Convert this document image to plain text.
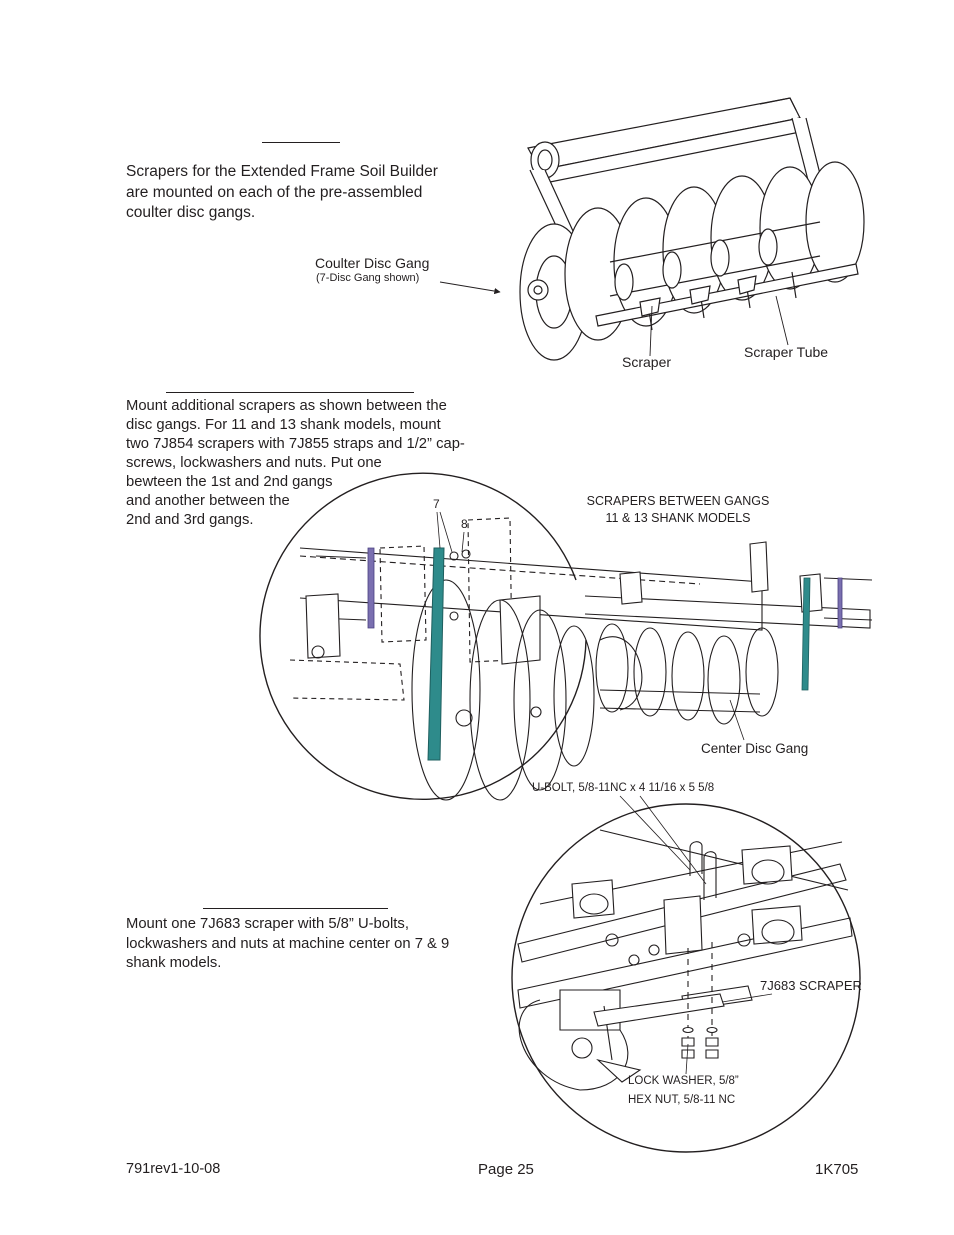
Scrapers for the Extended Frame Soil Builder
are mounted on each of the pre-assembled
coulter disc gangs.
Mount additional scrapers as shown between the
disc gangs. For 11 and 13 shank models, mount
two 7J854 scrapers with 7J855 straps and 1/2” cap-
screws, lockwashers and nuts. Put one
bewteen the 1st and 2nd gangs
and another between the
2nd and 3rd gangs.
Mount one 7J683 scraper with 5/8” U-bolts,
lockwashers and nuts at machine center on 7 & 9
shank models.
Coulter Disc Gang
(7-Disc Gang shown)
Scraper
Scraper Tube
SCRAPERS BETWEEN GANGS
11 & 13 SHANK MODELS
7
8
Center Disc Gang
U-BOLT, 5/8-11NC x 4 11/16 x 5 5/8
7J683 SCRAPER
LOCK WASHER, 5/8”
HEX NUT, 5/8-11 NC
791rev1-10-08	Page 25	1K705
